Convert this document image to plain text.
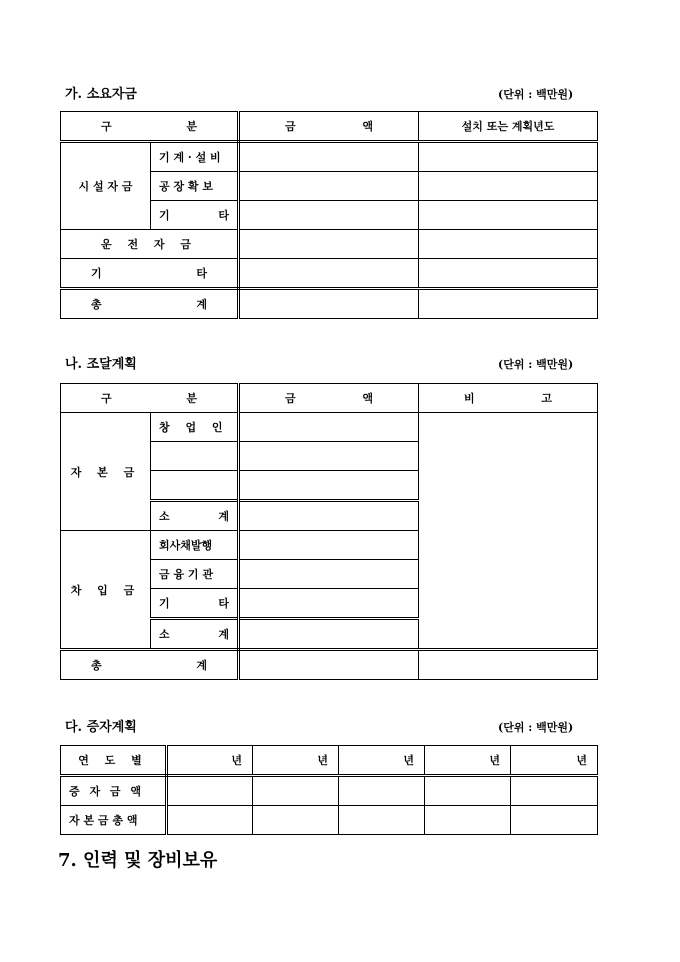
가. 소요자금	(단위 : 백만원)
구 분		금 액	설치 또는 계획년도
시 설 자 금	기 계 · 설 비		
	공 장 확 보		

	기 타		

운 전 자 금			

기 타			

총 계			

나. 조달계획	(단위 : 백만원)
구 분		금 액	비 고

자 본 금	창 업 인		

	소 계		

차 입 금	회사채발행		
	금 융 기 관		

	기 타		

	소 계		

총 계			

다. 증자계획	(단위 : 백만원)
연 도 별	년	년	년	년	년
증 자 금 액					
자 본 금 총 액					
7. 인력 및 장비보유
